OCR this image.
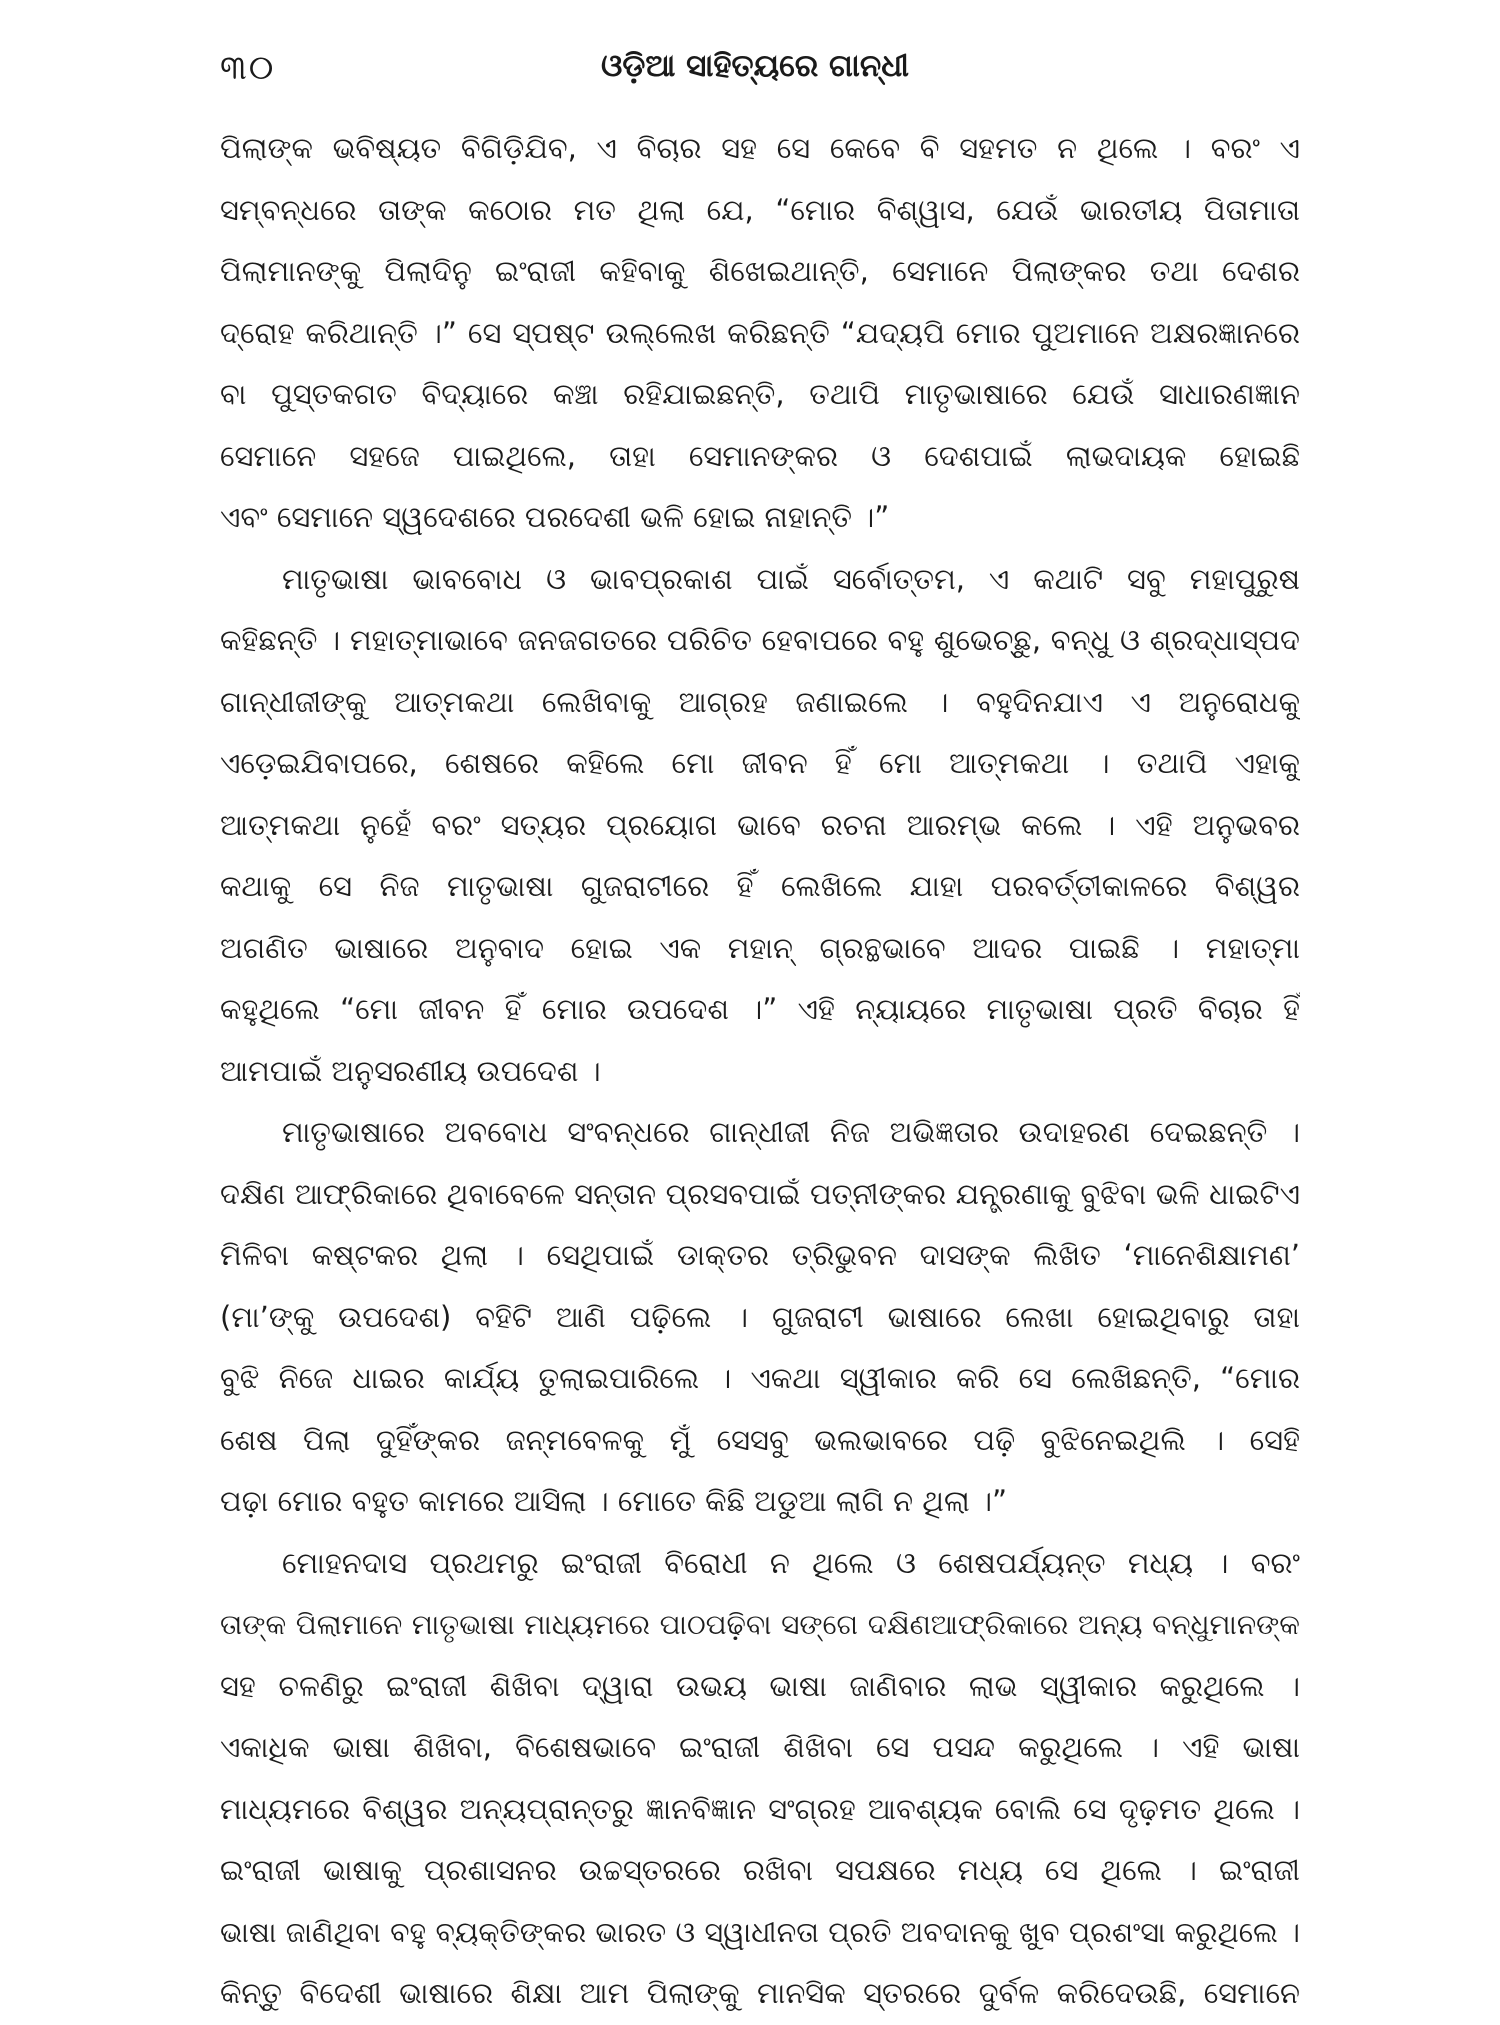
୩୦	ଓଡ଼ିଆ ସାହିତ୍ୟରେ ଗାନ୍ଧୀ
ପିଲାଙ୍କ ଭବିଷ୍ୟତ ବିଗିଡ଼ିଯିବ, ଏ ବିଚାର ସହ ସେ କେବେ ବି ସହମତ ନ ଥିଲେ । ବରଂ ଏ
ସମ୍ବନ୍ଧରେ ତାଙ୍କ କଠୋର ମତ ଥିଲା ଯେ, “ମୋର ବିଶ୍ୱାସ, ଯେଉଁ ଭାରତୀୟ ପିତାମାତା
ପିଲାମାନଙ୍କୁ ପିଲାଦିନୁ ଇଂରାଜୀ କହିବାକୁ ଶିଖେଇଥାନ୍ତି, ସେମାନେ ପିଲାଙ୍କର ତଥା ଦେଶର
ଦ୍ରୋହ କରିଥାନ୍ତି ।” ସେ ସ୍ପଷ୍ଟ ଉଲ୍ଲେଖ କରିଛନ୍ତି “ଯଦ୍ୟପି ମୋର ପୁଅମାନେ ଅକ୍ଷରଜ୍ଞାନରେ
ବା ପୁସ୍ତକଗତ ବିଦ୍ୟାରେ କଞ୍ଚା ରହିଯାଇଛନ୍ତି, ତଥାପି ମାତୃଭାଷାରେ ଯେଉଁ ସାଧାରଣଜ୍ଞାନ
ସେମାନେ ସହଜେ ପାଇଥିଲେ, ତାହା ସେମାନଙ୍କର ଓ ଦେଶପାଇଁ ଲାଭଦାୟକ ହୋଇଛି
ଏବଂ ସେମାନେ ସ୍ୱଦେଶରେ ପରଦେଶୀ ଭଳି ହୋଇ ନାହାନ୍ତି ।”
ମାତୃଭାଷା ଭାବବୋଧ ଓ ଭାବପ୍ରକାଶ ପାଇଁ ସର୍ବୋତ୍ତମ, ଏ କଥାଟି ସବୁ ମହାପୁରୁଷ
କହିଛନ୍ତି । ମହାତ୍ମାଭାବେ ଜନଜଗତରେ ପରିଚିତ ହେବାପରେ ବହୁ ଶୁଭେଚ୍ଛୁ, ବନ୍ଧୁ ଓ ଶ୍ରଦ୍ଧାସ୍ପଦ
ଗାନ୍ଧୀଜୀଙ୍କୁ ଆତ୍ମକଥା ଲେଖିବାକୁ ଆଗ୍ରହ ଜଣାଇଲେ । ବହୁଦିନଯାଏ ଏ ଅନୁରୋଧକୁ
ଏଡ଼େଇଯିବାପରେ, ଶେଷରେ କହିଲେ ମୋ ଜୀବନ ହିଁ ମୋ ଆତ୍ମକଥା । ତଥାପି ଏହାକୁ
ଆତ୍ମକଥା ନୁହେଁ ବରଂ ସତ୍ୟର ପ୍ରୟୋଗ ଭାବେ ରଚନା ଆରମ୍ଭ କଲେ । ଏହି ଅନୁଭବର
କଥାକୁ ସେ ନିଜ ମାତୃଭାଷା ଗୁଜରାଟୀରେ ହିଁ ଲେଖିଲେ ଯାହା ପରବର୍ତ୍ତୀକାଳରେ ବିଶ୍ୱର
ଅଗଣିତ ଭାଷାରେ ଅନୁବାଦ ହୋଇ ଏକ ମହାନ୍ ଗ୍ରନ୍ଥଭାବେ ଆଦର ପାଇଛି । ମହାତ୍ମା
କହୁଥିଲେ “ମୋ ଜୀବନ ହିଁ ମୋର ଉପଦେଶ ।” ଏହି ନ୍ୟାୟରେ ମାତୃଭାଷା ପ୍ରତି ବିଚାର ହିଁ
ଆମପାଇଁ ଅନୁସରଣୀୟ ଉପଦେଶ ।
ମାତୃଭାଷାରେ ଅବବୋଧ ସଂବନ୍ଧରେ ଗାନ୍ଧୀଜୀ ନିଜ ଅଭିଜ୍ଞତାର ଉଦାହରଣ ଦେଇଛନ୍ତି ।
ଦକ୍ଷିଣ ଆଫ୍ରିକାରେ ଥିବାବେଳେ ସନ୍ତାନ ପ୍ରସବପାଇଁ ପତ୍ନୀଙ୍କର ଯନ୍ତ୍ରଣାକୁ ବୁଝିବା ଭଳି ଧାଇଟିଏ
ମିଳିବା କଷ୍ଟକର ଥିଲା । ସେଥିପାଇଁ ଡାକ୍ତର ତ୍ରିଭୁବନ ଦାସଙ୍କ ଲିଖିତ ‘ମାନେଶିକ୍ଷାମଣ’
(ମା’ଙ୍କୁ ଉପଦେଶ) ବହିଟି ଆଣି ପଢ଼ିଲେ । ଗୁଜରାଟୀ ଭାଷାରେ ଲେଖା ହୋଇଥିବାରୁ ତାହା
ବୁଝି ନିଜେ ଧାଇର କାର୍ଯ୍ୟ ତୁଲାଇପାରିଲେ । ଏକଥା ସ୍ୱୀକାର କରି ସେ ଲେଖିଛନ୍ତି, “ମୋର
ଶେଷ ପିଲା ଦୁହିଁଙ୍କର ଜନ୍ମବେଳକୁ ମୁଁ ସେସବୁ ଭଲଭାବରେ ପଢ଼ି ବୁଝିନେଇଥିଲି । ସେହି
ପଢ଼ା ମୋର ବହୁତ କାମରେ ଆସିଲା । ମୋତେ କିଛି ଅଡୁଆ ଲାଗି ନ ଥିଲା ।”
ମୋହନଦାସ ପ୍ରଥମରୁ ଇଂରାଜୀ ବିରୋଧୀ ନ ଥିଲେ ଓ ଶେଷପର୍ଯ୍ୟନ୍ତ ମଧ୍ୟ । ବରଂ
ତାଙ୍କ ପିଲାମାନେ ମାତୃଭାଷା ମାଧ୍ୟମରେ ପାଠପଢ଼ିବା ସଙ୍ଗେ ଦକ୍ଷିଣଆଫ୍ରିକାରେ ଅନ୍ୟ ବନ୍ଧୁମାନଙ୍କ
ସହ ଚଳଣିରୁ ଇଂରାଜୀ ଶିଖିବା ଦ୍ୱାରା ଉଭୟ ଭାଷା ଜାଣିବାର ଲାଭ ସ୍ୱୀକାର କରୁଥିଲେ ।
ଏକାଧିକ ଭାଷା ଶିଖିବା, ବିଶେଷଭାବେ ଇଂରାଜୀ ଶିଖିବା ସେ ପସନ୍ଦ କରୁଥିଲେ । ଏହି ଭାଷା
ମାଧ୍ୟମରେ ବିଶ୍ୱର ଅନ୍ୟପ୍ରାନ୍ତରୁ ଜ୍ଞାନବିଜ୍ଞାନ ସଂଗ୍ରହ ଆବଶ୍ୟକ ବୋଲି ସେ ଦୃଢ଼ମତ ଥିଲେ ।
ଇଂରାଜୀ ଭାଷାକୁ ପ୍ରଶାସନର ଉଚ୍ଚସ୍ତରରେ ରଖିବା ସପକ୍ଷରେ ମଧ୍ୟ ସେ ଥିଲେ । ଇଂରାଜୀ
ଭାଷା ଜାଣିଥିବା ବହୁ ବ୍ୟକ୍ତିଙ୍କର ଭାରତ ଓ ସ୍ୱାଧୀନତା ପ୍ରତି ଅବଦାନକୁ ଖୁବ ପ୍ରଶଂସା କରୁଥିଲେ ।
କିନ୍ତୁ ବିଦେଶୀ ଭାଷାରେ ଶିକ୍ଷା ଆମ ପିଲାଙ୍କୁ ମାନସିକ ସ୍ତରରେ ଦୁର୍ବଳ କରିଦେଉଛି, ସେମାନେ
